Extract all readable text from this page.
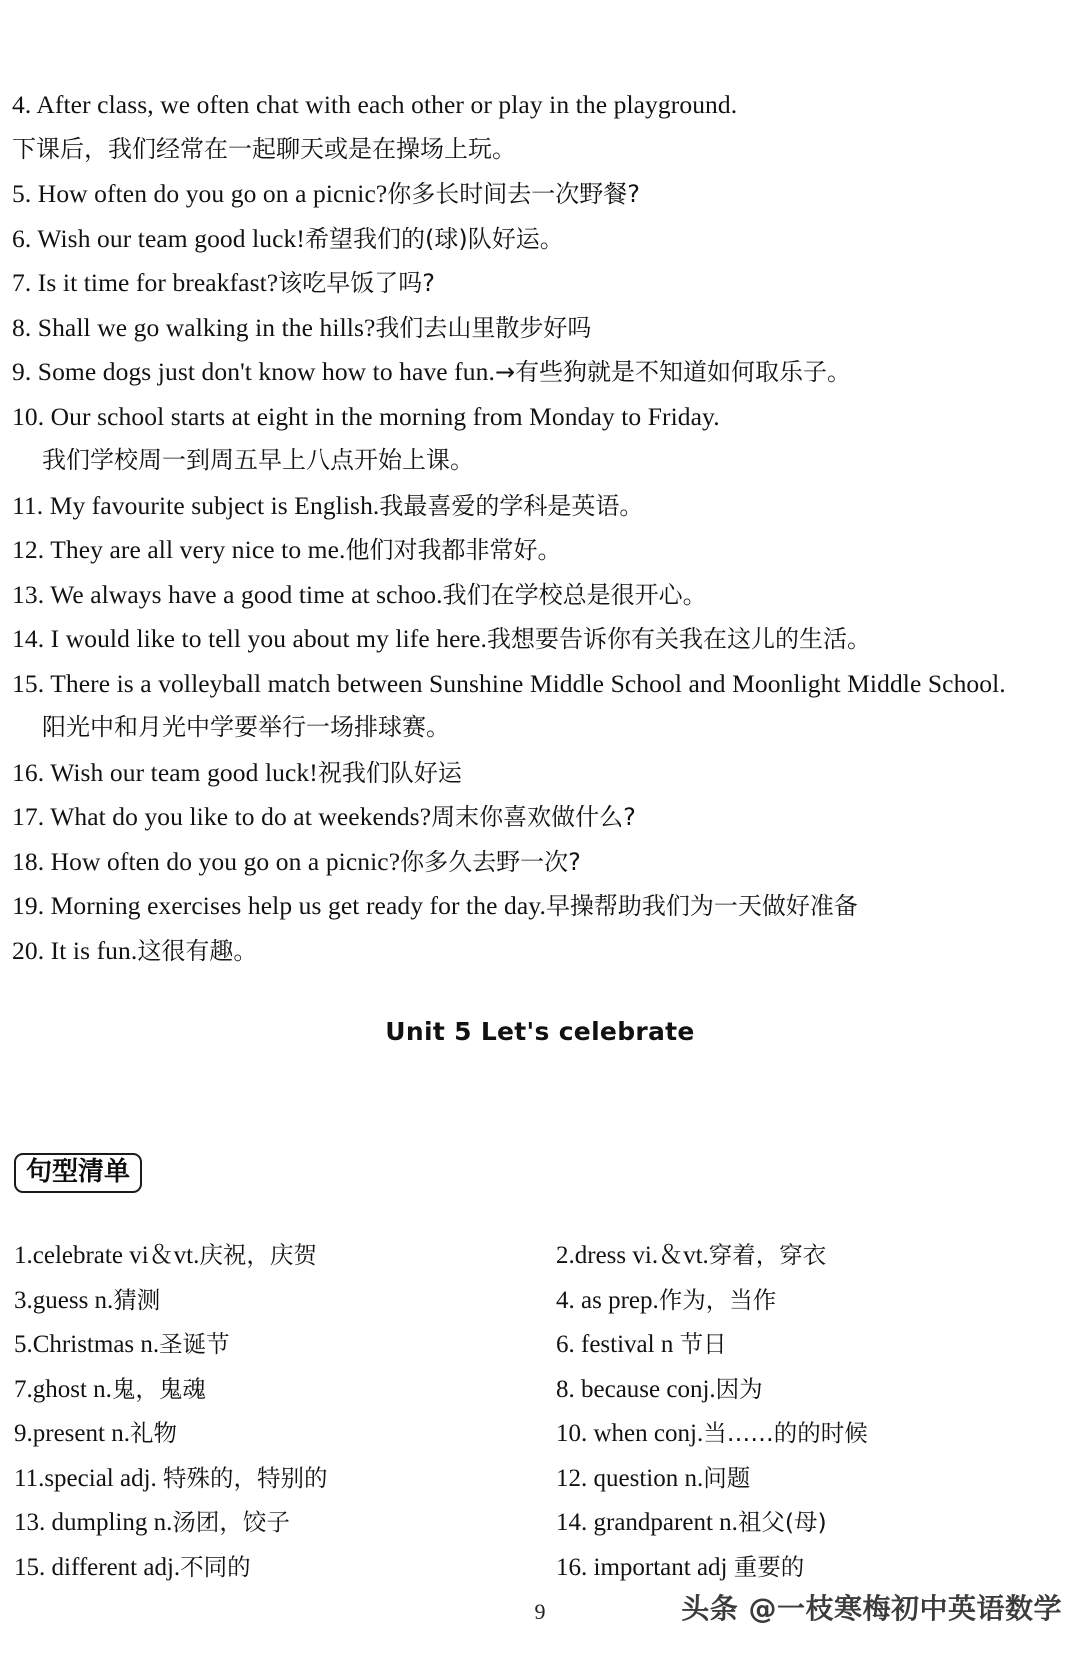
4. After class, we often chat with each other or play in the playground.
下课后，我们经常在一起聊天或是在操场上玩。
5. How often do you go on a picnic?你多长时间去一次野餐?
6. Wish our team good luck!希望我们的(球)队好运。
7. Is it time for breakfast?该吃早饭了吗?
8. Shall we go walking in the hills?我们去山里散步好吗
9. Some dogs just don't know how to have fun.→有些狗就是不知道如何取乐子。
10. Our school starts at eight in the morning from Monday to Friday.
我们学校周一到周五早上八点开始上课。
11. My favourite subject is English.我最喜爱的学科是英语。
12. They are all very nice to me.他们对我都非常好。
13. We always have a good time at schoo.我们在学校总是很开心。
14. I would like to tell you about my life here.我想要告诉你有关我在这儿的生活。
15. There is a volleyball match between Sunshine Middle School and Moonlight Middle School.
阳光中和月光中学要举行一场排球赛。
16. Wish our team good luck!祝我们队好运
17. What do you like to do at weekends?周末你喜欢做什么?
18. How often do you go on a picnic?你多久去野一次?
19. Morning exercises help us get ready for the day.早操帮助我们为一天做好准备
20. It is fun.这很有趣。
Unit 5 Let's celebrate
句型清单
1.celebrate vi＆vt.庆祝，庆贺	2.dress vi.＆vt.穿着，穿衣
3.guess n.猜测	4. as prep.作为，当作
5.Christmas n.圣诞节	6. festival n 节日
7.ghost n.鬼，鬼魂	8. because conj.因为
9.present n.礼物	10. when conj.当……的的时候
11.special adj. 特殊的，特别的	12. question n.问题
13. dumpling n.汤团，饺子	14. grandparent n.祖父(母)
15. different adj.不同的	16. important adj 重要的
9	头条 @一枝寒梅初中英语数学
